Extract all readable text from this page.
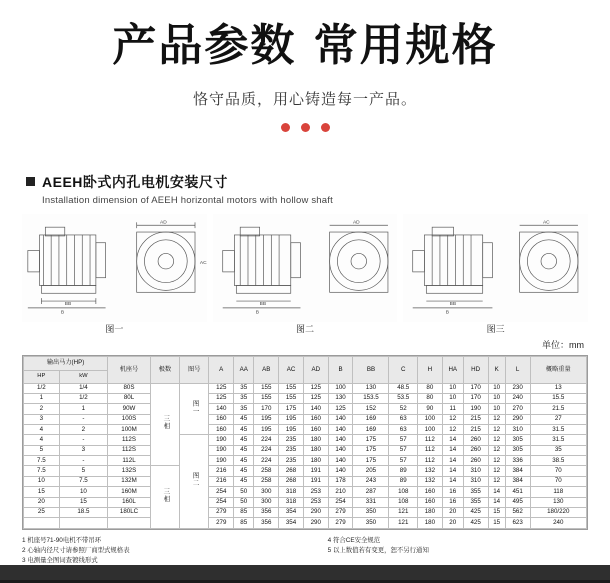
产品参数 常用规格
恪守品质，用心铸造每一产品。
AEEH卧式内孔电机安装尺寸
Installation dimension of AEEH horizontal motors with hollow shaft
AD
BB
B
AC
图一
AD
BB
B
图二
AC
BB
B
图三
单位：mm
输出马力(HP)		机座号	极数	图号	A	AA	AB	AC	AD	B	BB	C	H	HA	HD	K	L	概略重量
HP	kW																	
1/2	1/4	80S	三相	图一	125	35	155	155	125	100	130	48.5	80	10	170	10	230	13
1	1/2	80L			125	35	155	155	125	130	153.5	53.5	80	10	170	10	240	15.5
2	1	90W			140	35	170	175	140	125	152	52	90	11	190	10	270	21.5
3	-	100S			160	45	195	195	160	140	169	63	100	12	215	12	290	27
4	2	100M			160	45	195	195	160	140	169	63	100	12	215	12	310	31.5
4	-	112S		图二	190	45	224	235	180	140	175	57	112	14	260	12	305	31.5
5	3	112S			190	45	224	235	180	140	175	57	112	14	260	12	305	35
7.5	-	112L			190	45	224	235	180	140	175	57	112	14	260	12	336	38.5
7.5	5	132S	三相		216	45	258	268	191	140	205	89	132	14	310	12	384	70
10	7.5	132M			216	45	258	268	191	178	243	89	132	14	310	12	384	70
15	10	160M			254	50	300	318	253	210	287	108	160	16	355	14	451	118
20	15	160L			254	50	300	318	253	254	331	108	160	16	355	14	495	130
25	18.5	180LC			279	85	356	354	290	279	350	121	180	20	425	15	562	180/220
					279	85	356	354	290	279	350	121	180	20	425	15	623	240
1 机座号71-90电机不带吊环
2 心轴内径尺寸请参照厂商型式规格表
3 电测量全图词查镀线形式
4 符合CE安全规范
5 以上数值若有变更，恕不另行通知
